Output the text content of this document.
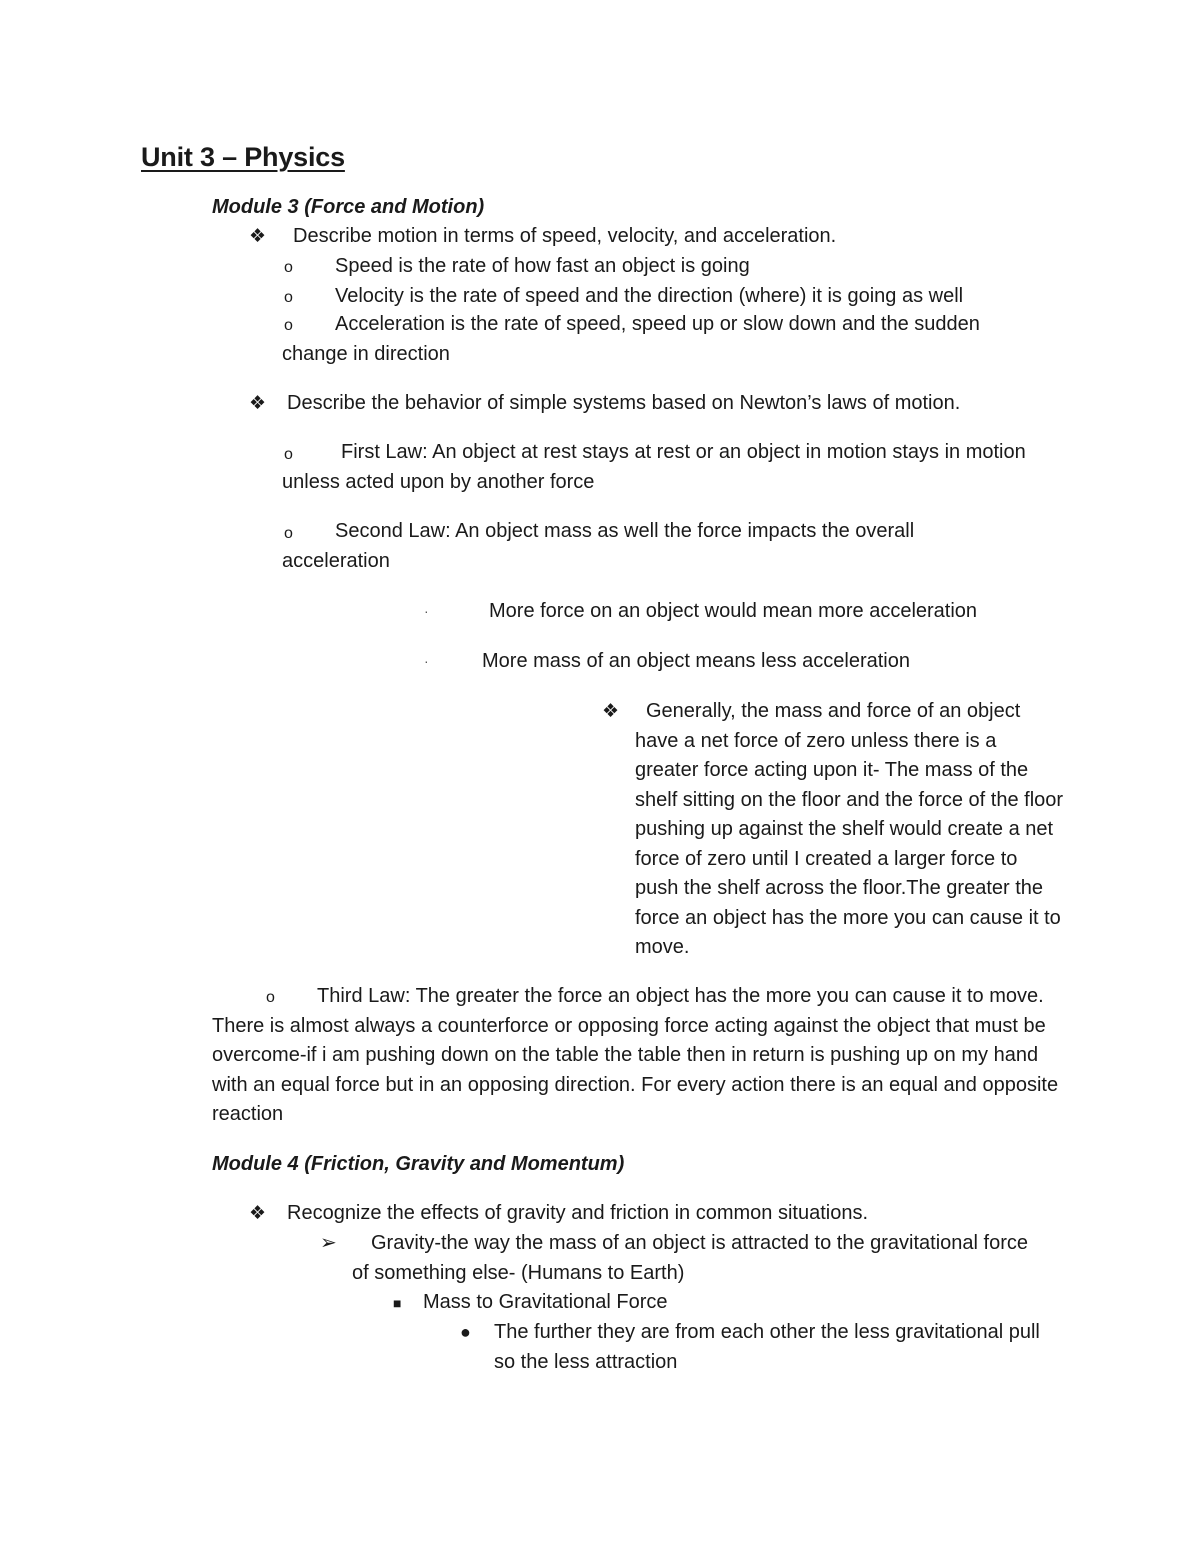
Unit 3 – Physics
Module 3 (Force and Motion)
❖ Describe motion in terms of speed, velocity, and acceleration.
o Speed is the rate of how fast an object is going
o Velocity is the rate of speed and the direction (where) it is going as well
o	Acceleration is the rate of speed, speed up or slow down and the sudden change in direction
❖ Describe the behavior of simple systems based on Newton’s laws of motion.
o	First Law: An object at rest stays at rest or an object in motion stays in motion unless acted upon by another force
o	Second Law: An object mass as well the force impacts the overall acceleration
·	More force on an object would mean more acceleration
·	More mass of an object means less acceleration
❖	Generally, the mass and force of an object have a net force of zero unless there is a greater force acting upon it- The mass of the shelf sitting on the floor and the force of the floor pushing up against the shelf would create a net force of zero until I created a larger force to push the shelf across the floor.The greater the force an object has the more you can cause it to move.
o	Third Law: The greater the force an object has the more you can cause it to move. There is almost always a counterforce or opposing force acting against the object that must be overcome-if i am pushing down on the table the table then in return is pushing up on my hand with an equal force but in an opposing direction. For every action there is an equal and opposite reaction
Module 4 (Friction, Gravity and Momentum)
❖ Recognize the effects of gravity and friction in common situations.
➢	Gravity-the way the mass of an object is attracted to the gravitational force of something else- (Humans to Earth)
■ Mass to Gravitational Force
● The further they are from each other the less gravitational pull so the less attraction
